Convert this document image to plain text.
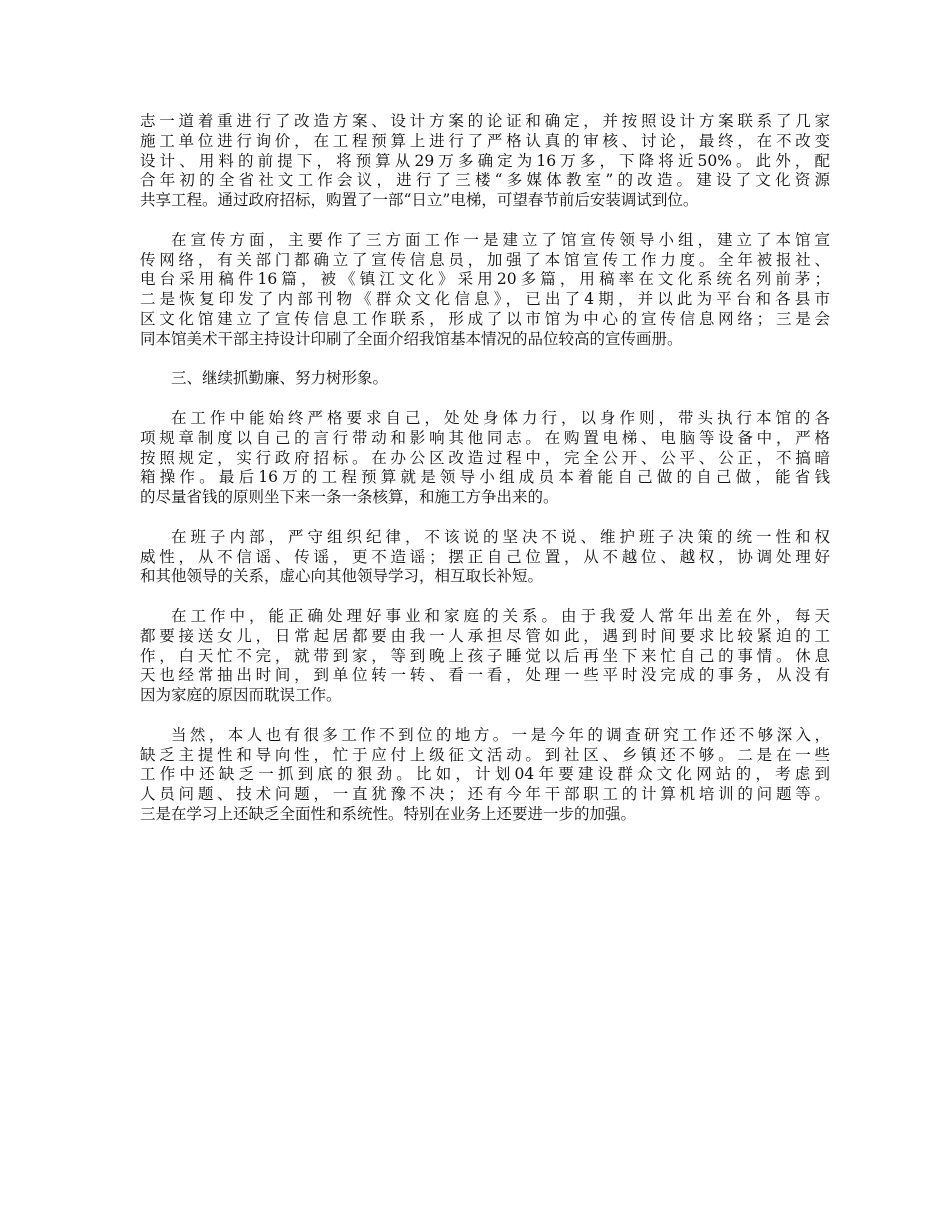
志一道着重进行了改造方案、设计方案的论证和确定，并按照设计方案联系了几家
施工单位进行询价，在工程预算上进行了严格认真的审核、讨论，最终，在不改变
设计、用料的前提下，将预算从29万多确定为16万多，下降将近50%。此外，配
合年初的全省社文工作会议，进行了三楼“多媒体教室”的改造。建设了文化资源
共享工程。通过政府招标，购置了一部“日立”电梯，可望春节前后安装调试到位。
在宣传方面，主要作了三方面工作一是建立了馆宣传领导小组，建立了本馆宣
传网络，有关部门都确立了宣传信息员，加强了本馆宣传工作力度。全年被报社、
电台采用稿件16篇，被《镇江文化》采用20多篇，用稿率在文化系统名列前茅；
二是恢复印发了内部刊物《群众文化信息》，已出了4期，并以此为平台和各县市
区文化馆建立了宣传信息工作联系，形成了以市馆为中心的宣传信息网络；三是会
同本馆美术干部主持设计印刷了全面介绍我馆基本情况的品位较高的宣传画册。
三、继续抓勤廉、努力树形象。
在工作中能始终严格要求自己，处处身体力行，以身作则，带头执行本馆的各
项规章制度以自己的言行带动和影响其他同志。在购置电梯、电脑等设备中，严格
按照规定，实行政府招标。在办公区改造过程中，完全公开、公平、公正，不搞暗
箱操作。最后16万的工程预算就是领导小组成员本着能自己做的自己做，能省钱
的尽量省钱的原则坐下来一条一条核算，和施工方争出来的。
在班子内部，严守组织纪律，不该说的坚决不说、维护班子决策的统一性和权
威性，从不信谣、传谣，更不造谣；摆正自己位置，从不越位、越权，协调处理好
和其他领导的关系，虚心向其他领导学习，相互取长补短。
在工作中，能正确处理好事业和家庭的关系。由于我爱人常年出差在外，每天
都要接送女儿，日常起居都要由我一人承担尽管如此，遇到时间要求比较紧迫的工
作，白天忙不完，就带到家，等到晚上孩子睡觉以后再坐下来忙自己的事情。休息
天也经常抽出时间，到单位转一转、看一看，处理一些平时没完成的事务，从没有
因为家庭的原因而耽误工作。
当然，本人也有很多工作不到位的地方。一是今年的调查研究工作还不够深入，
缺乏主提性和导向性，忙于应付上级征文活动。到社区、乡镇还不够。二是在一些
工作中还缺乏一抓到底的狠劲。比如，计划04年要建设群众文化网站的，考虑到
人员问题、技术问题，一直犹豫不决；还有今年干部职工的计算机培训的问题等。
三是在学习上还缺乏全面性和系统性。特别在业务上还要进一步的加强。
